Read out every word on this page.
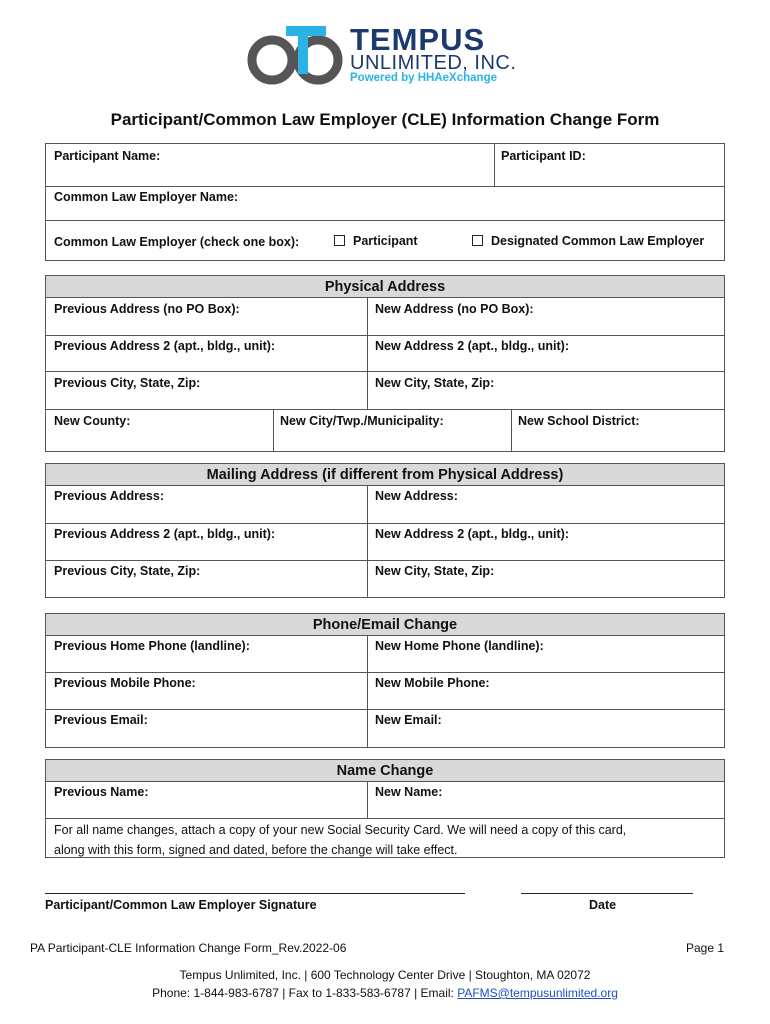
TEMPUS
UNLIMITED, INC.
Powered by HHAeXchange
Participant/Common Law Employer (CLE) Information Change Form
Participant Name:	Participant ID:
Common Law Employer Name:
Common Law Employer (check one box):	Participant	Designated Common Law Employer
Physical Address
Previous Address (no PO Box):	New Address (no PO Box):
Previous Address 2 (apt., bldg., unit):	New Address 2 (apt., bldg., unit):
Previous City, State, Zip:	New City, State, Zip:
New County:	New City/Twp./Municipality:	New School District:
Mailing Address (if different from Physical Address)
Previous Address:	New Address:
Previous Address 2 (apt., bldg., unit):	New Address 2 (apt., bldg., unit):
Previous City, State, Zip:	New City, State, Zip:
Phone/Email Change
Previous Home Phone (landline):	New Home Phone (landline):
Previous Mobile Phone:	New Mobile Phone:
Previous Email:	New Email:
Name Change
Previous Name:	New Name:
For all name changes, attach a copy of your new Social Security Card. We will need a copy of this card,
along with this form, signed and dated, before the change will take effect.
Participant/Common Law Employer Signature	Date
PA Participant-CLE Information Change Form_Rev.2022-06	Page 1
Tempus Unlimited, Inc. | 600 Technology Center Drive | Stoughton, MA 02072
Phone: 1-844-983-6787 | Fax to 1-833-583-6787 | Email: PAFMS@tempusunlimited.org
